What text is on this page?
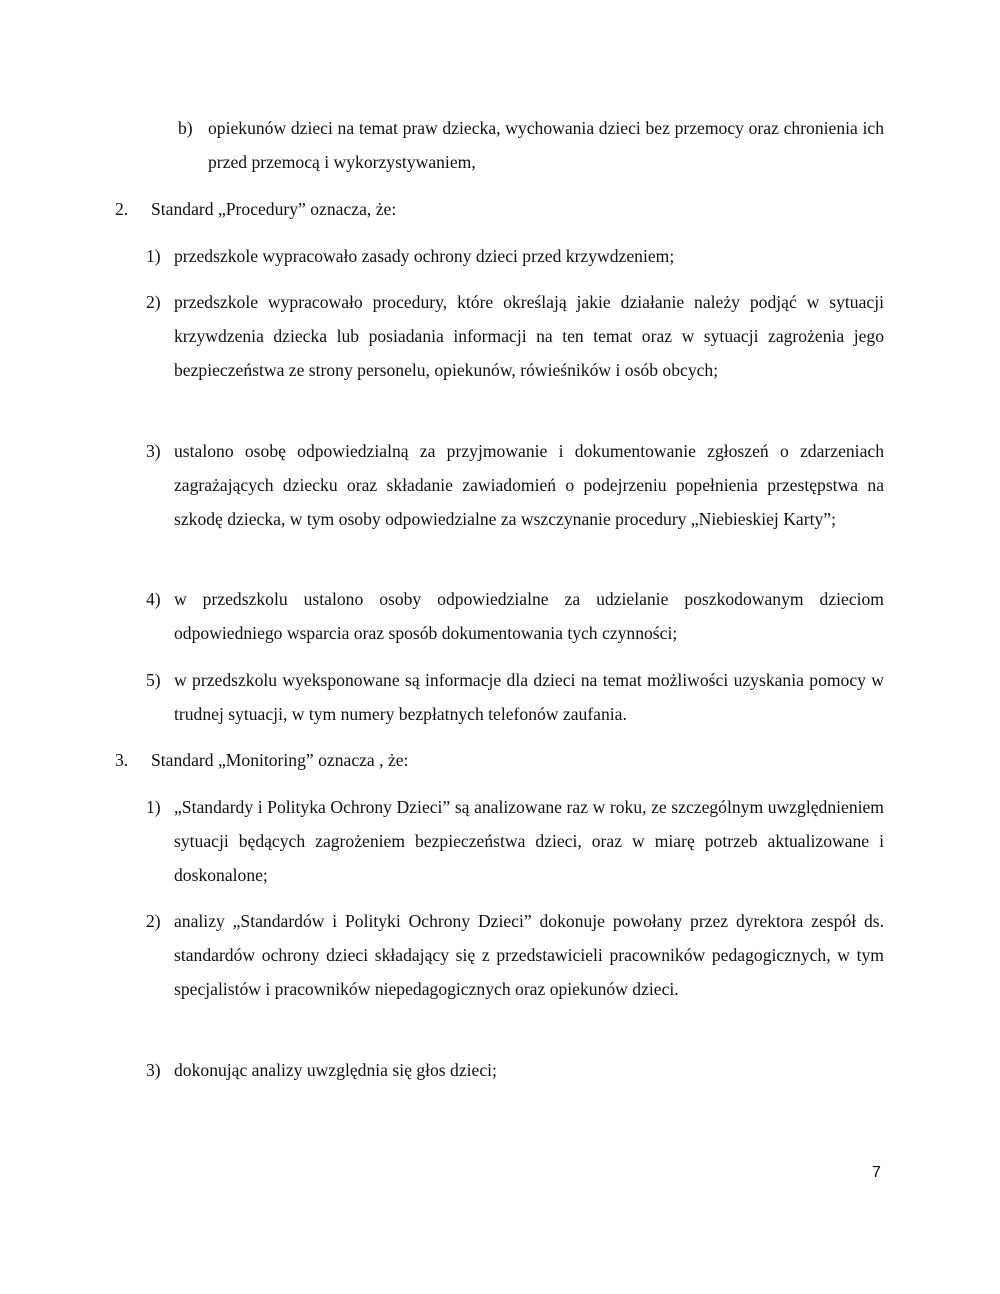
b) opiekunów dzieci na temat praw dziecka, wychowania dzieci bez przemocy oraz chronienia ich przed przemocą i wykorzystywaniem,
2. Standard „Procedury” oznacza, że:
1) przedszkole wypracowało zasady ochrony dzieci przed krzywdzeniem;
2) przedszkole wypracowało procedury, które określają jakie działanie należy podjąć w sytuacji krzywdzenia dziecka lub posiadania informacji na ten temat oraz w sytuacji zagrożenia jego bezpieczeństwa ze strony personelu, opiekunów, rówieśników i osób obcych;
3) ustalono osobę odpowiedzialną za przyjmowanie i dokumentowanie zgłoszeń o zdarzeniach zagrażających dziecku oraz składanie zawiadomień o podejrzeniu popełnienia przestępstwa na szkodę dziecka, w tym osoby odpowiedzialne za wszczynanie procedury „Niebieskiej Karty”;
4) w przedszkolu ustalono osoby odpowiedzialne za udzielanie poszkodowanym dzieciom odpowiedniego wsparcia oraz sposób dokumentowania tych czynności;
5) w przedszkolu wyeksponowane są informacje dla dzieci na temat możliwości uzyskania pomocy w trudnej sytuacji, w tym numery bezpłatnych telefonów zaufania.
3. Standard „Monitoring” oznacza , że:
1) „Standardy i Polityka Ochrony Dzieci” są analizowane raz w roku, ze szczególnym uwzględnieniem sytuacji będących zagrożeniem bezpieczeństwa dzieci, oraz w miarę potrzeb aktualizowane i doskonalone;
2) analizy „Standardów i Polityki Ochrony Dzieci” dokonuje powołany przez dyrektora zespół ds. standardów ochrony dzieci składający się z przedstawicieli pracowników pedagogicznych, w tym specjalistów i pracowników niepedagogicznych oraz opiekunów dzieci.
3) dokonując analizy uwzględnia się głos dzieci;
7
